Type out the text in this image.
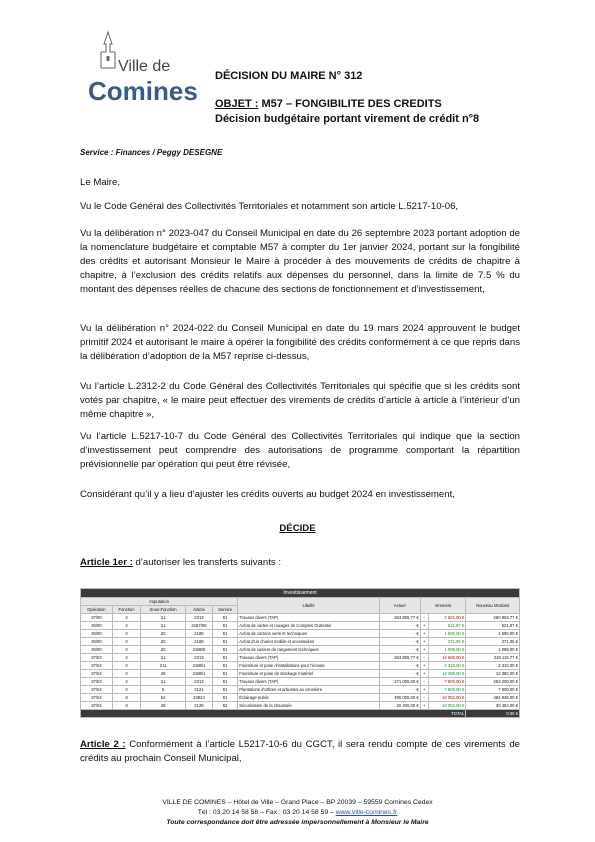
Ville de
Comines DÉCISION DU MAIRE N° 312
OBJET : M57 – FONGIBILITE DES CREDITS
Décision budgétaire portant virement de crédit n°8
Service : Finances / Peggy DESEGNE
Le Maire,
Vu le Code Général des Collectivités Territoriales et notamment son article L.5217-10-06,
Vu la délibération n° 2023-047 du Conseil Municipal en date du 26 septembre 2023 portant adoption de la nomenclature budgétaire et comptable M57 à compter du 1er janvier 2024, portant sur la fongibilité des crédits et autorisant Monsieur le Maire à procéder à des mouvements de crédits de chapitre à chapitre, à l’exclusion des crédits relatifs aux dépenses du personnel, dans la limite de 7.5 % du montant des dépenses réelles de chacune des sections de fonctionnement et d’investissement,
Vu la délibération n° 2024-022 du Conseil Municipal en date du 19 mars 2024 approuvent le budget primitif 2024 et autorisant le maire à opérer la fongibilité des crédits conformément à ce que repris dans la délibération d’adoption de la M57 reprise ci-dessus,
Vu l’article L.2312-2 du Code Général des Collectivités Territoriales qui spécifie que si les crédits sont votés par chapitre, « le maire peut effectuer des virements de crédits d’article à article à l’intérieur d’un même chapitre »,
Vu l’article L.5217-10-7 du Code Général des Collectivités Territoriales qui indique que la section d’investissement peut comprendre des autorisations de programme comportant la répartition prévisionnelle par opération qui peut être révisée,
Considérant qu’il y a lieu d’ajuster les crédits ouverts au budget 2024 en investissement,
DÉCIDE
Article 1er : d’autoriser les transferts suivants :
Investissement									
Imputation					Libellé	Actuel	Virement		Nouveau Montant
Opération	Fonction	Sous-Fonction	Article	Service					
37/00	2	21	2313	61	Travaux divers (TAP)	263 805,77 €	-	2 901,00 €	260 904,77 €
30/00	2	21	2157/58	61	Achat de cartes et rouages de Comptes Outrestin	- €	+	521,97 €	521,97 €
30/00	0	20	2188	61	Achat de cartons verts et techniques	- €	+	1 590,00 €	1 590,00 €
30/00	0	20	2188	61	Achat d’un chariot mobile et accessoires	- €	+	271,05 €	271,05 €
30/00	0	20	2188/5	61	Achat de casiers de rangement techniques	- €	+	1 098,00 €	1 098,00 €
37/03	2	21	2313	61	Travaux divers (TAP)	263 805,77 €	-	14 690,00 €	249 115,77 €
37/04	0	211	2188/1	61	Fourniture et pose d’installations pour l’écoute	- €	+	2 310,00 €	2 310,00 €
37/04	0	28	2188/1	61	Fourniture et pose de stockage matériel	- €	+	12 380,00 €	12 380,00 €
37/03	2	21	2313	61	Travaux divers (TAP)	271 000,00 €	-	7 800,00 €	263 200,00 €
37/04	0	5	2121	61	Plantations d’arbres et arbustes au cimetière	- €	+	7 800,00 €	7 800,00 €
37/04	9	52	23924	61	Éclairage public	495 000,00 €	-	10 052,00 €	484 948,00 €
37/04	9	28	2128	62	Sécurisation de la chaussée	20 400,00 €	+	10 052,00 €	30 452,00 €
TOTAL									0,00 €
Article 2 : Conformément à l’article L5217-10-6 du CGCT, il sera rendu compte de ces virements de crédits au prochain Conseil Municipal,
VILLE DE COMINES – Hôtel de Ville – Grand Place – BP 20039 – 59559 Comines Cedex
Tél : 03 20 14 58 58 – Fax : 03 20 14 58 59 – www.ville-comines.fr
Toute correspondance doit être adressée impersonnellement à Monsieur le Maire
